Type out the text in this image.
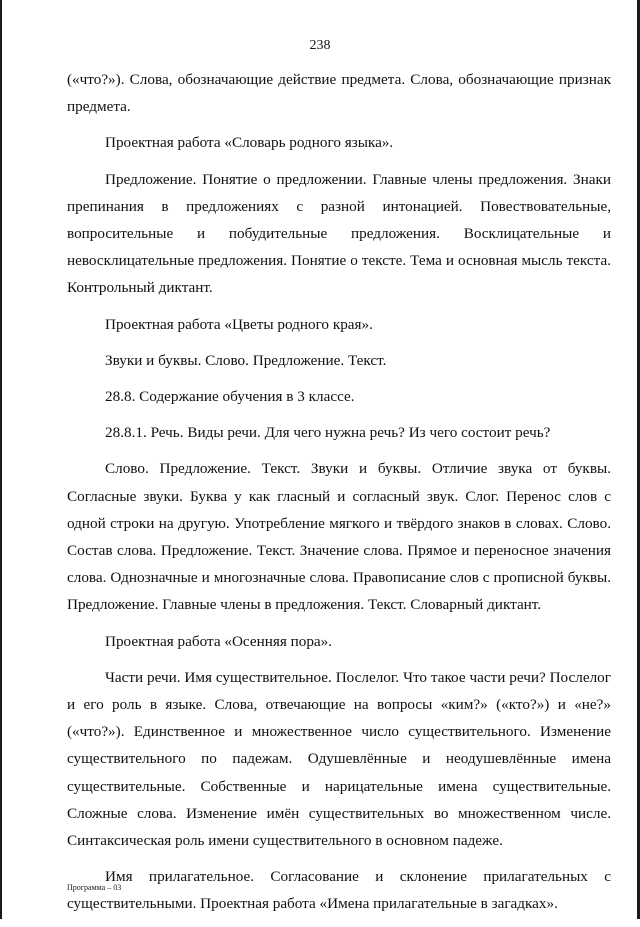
238

(«что?»). Слова, обозначающие действие предмета. Слова, обозначающие признак предмета.

Проектная работа «Словарь родного языка».

Предложение. Понятие о предложении. Главные члены предложения. Знаки препинания в предложениях с разной интонацией. Повествовательные, вопросительные и побудительные предложения. Восклицательные и невосклицательные предложения. Понятие о тексте. Тема и основная мысль текста. Контрольный диктант.

Проектная работа «Цветы родного края».

Звуки и буквы. Слово. Предложение. Текст.

28.8. Содержание обучения в 3 классе.

28.8.1. Речь. Виды речи. Для чего нужна речь? Из чего состоит речь?

Слово. Предложение. Текст. Звуки и буквы. Отличие звука от буквы. Согласные звуки. Буква у как гласный и согласный звук. Слог. Перенос слов с одной строки на другую. Употребление мягкого и твёрдого знаков в словах. Слово. Состав слова. Предложение. Текст. Значение слова. Прямое и переносное значения слова. Однозначные и многозначные слова. Правописание слов с прописной буквы. Предложение. Главные члены в предложения. Текст. Словарный диктант.

Проектная работа «Осенняя пора».

Части речи. Имя существительное. Послелог. Что такое части речи? Послелог и его роль в языке. Слова, отвечающие на вопросы «ким?» («кто?») и «не?» («что?»). Единственное и множественное число существительного. Изменение существительного по падежам. Одушевлённые и неодушевлённые имена существительные. Собственные и нарицательные имена существительные. Сложные слова. Изменение имён существительных во множественном числе. Синтаксическая роль имени существительного в основном падеже.

Имя прилагательное. Согласование и склонение прилагательных с существительными. Проектная работа «Имена прилагательные в загадках».

Программа – 03
